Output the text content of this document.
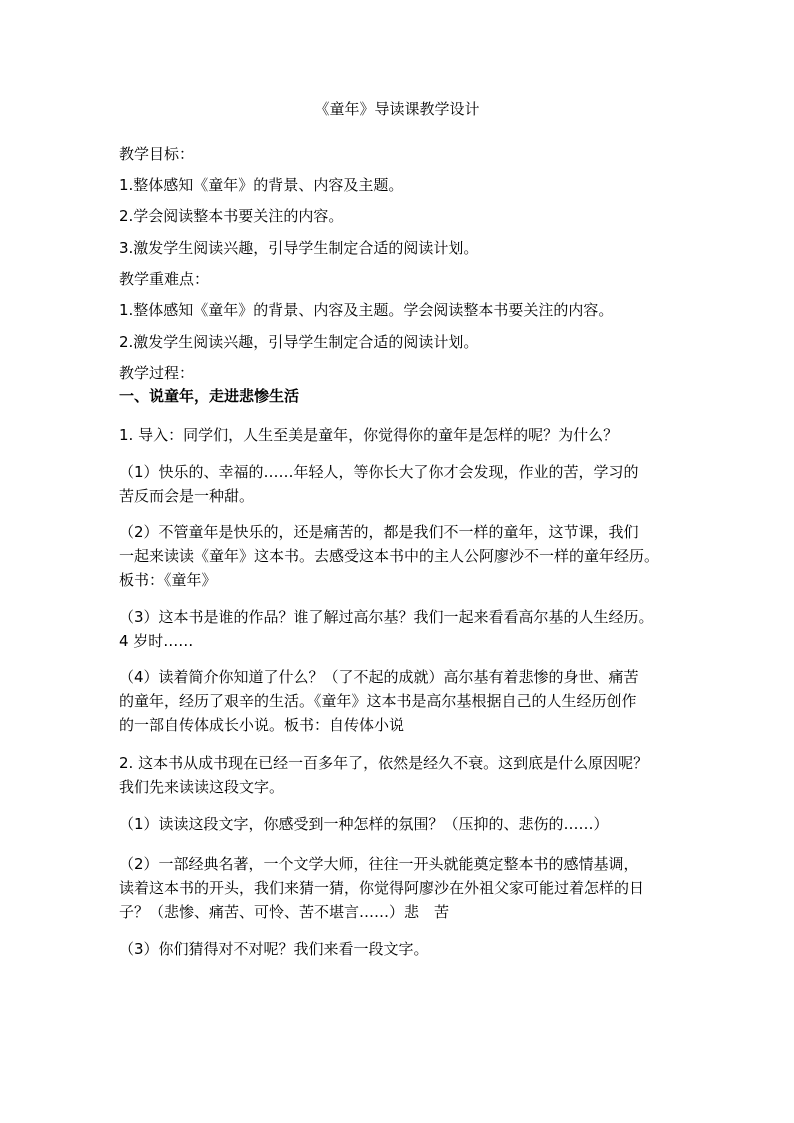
《童年》导读课教学设计
教学目标：
1.整体感知《童年》的背景、内容及主题。
2.学会阅读整本书要关注的内容。
3.激发学生阅读兴趣，引导学生制定合适的阅读计划。
教学重难点：
1.整体感知《童年》的背景、内容及主题。学会阅读整本书要关注的内容。
2.激发学生阅读兴趣，引导学生制定合适的阅读计划。
教学过程：
一、说童年，走进悲惨生活
1. 导入：同学们，人生至美是童年，你觉得你的童年是怎样的呢？为什么？
（1）快乐的、幸福的……年轻人，等你长大了你才会发现，作业的苦，学习的
苦反而会是一种甜。
（2）不管童年是快乐的，还是痛苦的，都是我们不一样的童年，这节课，我们
一起来读读《童年》这本书。去感受这本书中的主人公阿廖沙不一样的童年经历。
板书：《童年》
（3）这本书是谁的作品？谁了解过高尔基？我们一起来看看高尔基的人生经历。
4 岁时……
（4）读着简介你知道了什么？（了不起的成就）高尔基有着悲惨的身世、痛苦
的童年，经历了艰辛的生活。《童年》这本书是高尔基根据自己的人生经历创作
的一部自传体成长小说。板书：自传体小说
2. 这本书从成书现在已经一百多年了，依然是经久不衰。这到底是什么原因呢？
我们先来读读这段文字。
（1）读读这段文字，你感受到一种怎样的氛围？（压抑的、悲伤的……）
（2）一部经典名著，一个文学大师，往往一开头就能奠定整本书的感情基调，
读着这本书的开头，我们来猜一猜，你觉得阿廖沙在外祖父家可能过着怎样的日
子？（悲惨、痛苦、可怜、苦不堪言……）悲　苦
（3）你们猜得对不对呢？我们来看一段文字。
